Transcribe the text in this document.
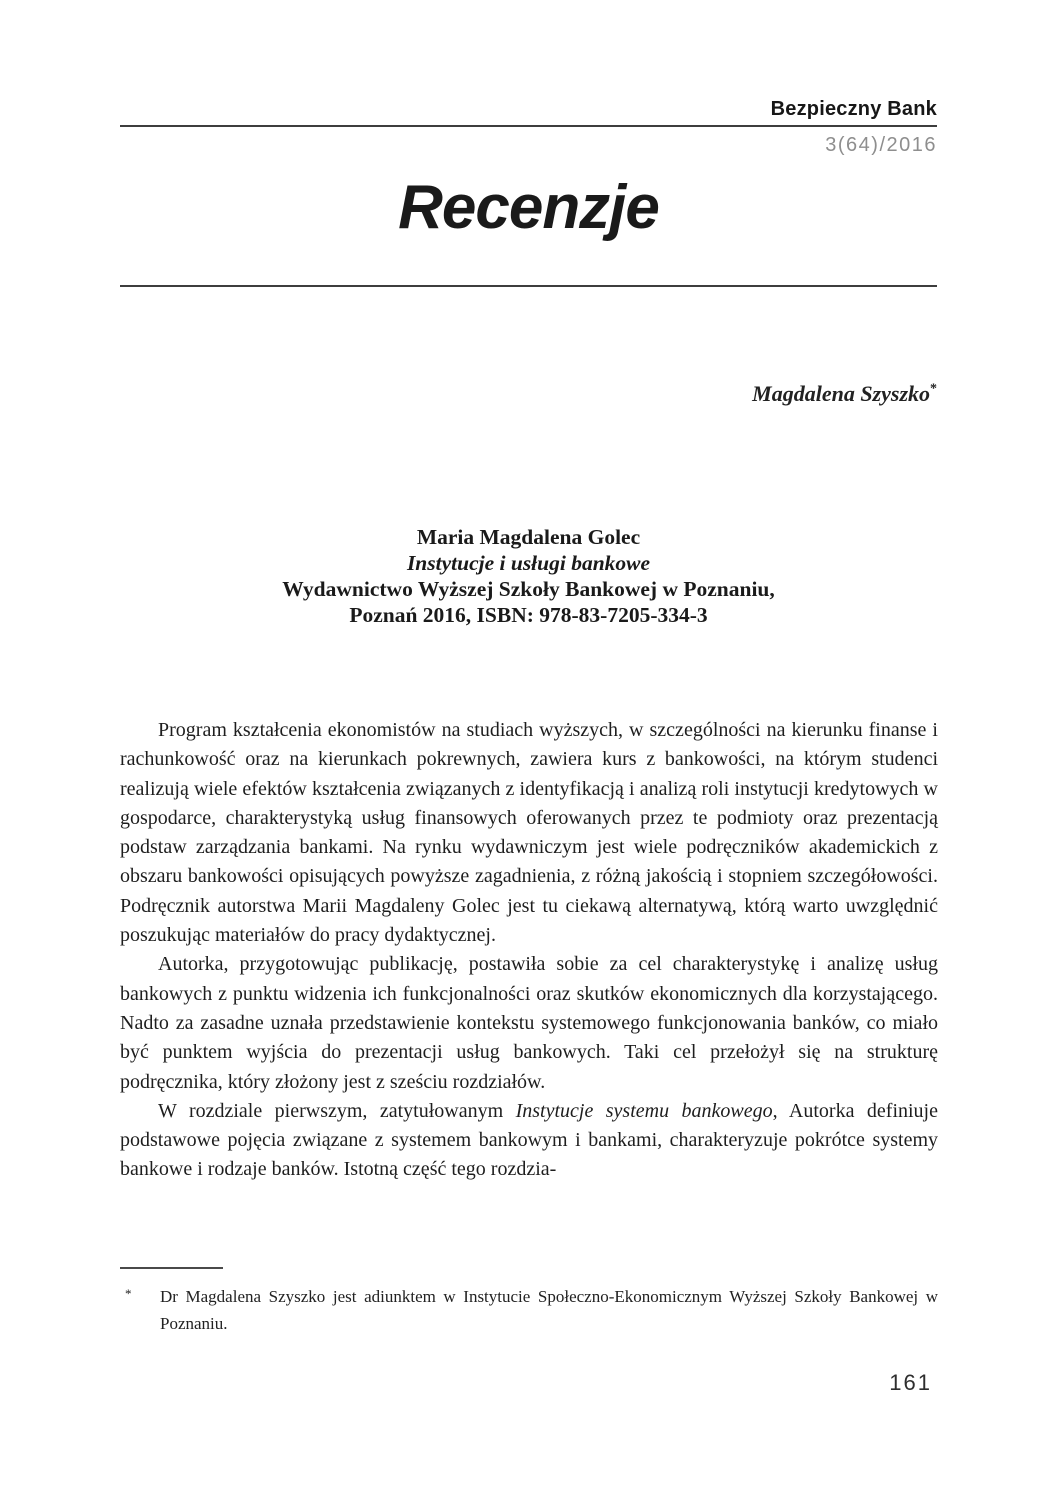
Bezpieczny Bank
3(64)/2016
Recenzje
Magdalena Szyszko*
Maria Magdalena Golec
Instytucje i usługi bankowe
Wydawnictwo Wyższej Szkoły Bankowej w Poznaniu,
Poznań 2016, ISBN: 978-83-7205-334-3

Program kształcenia ekonomistów na studiach wyższych, w szczególności na kierunku finanse i rachunkowość oraz na kierunkach pokrewnych, zawiera kurs z bankowości, na którym studenci realizują wiele efektów kształcenia związanych z identyfikacją i analizą roli instytucji kredytowych w gospodarce, charakterystyką usług finansowych oferowanych przez te podmioty oraz prezentacją podstaw zarządzania bankami. Na rynku wydawniczym jest wiele podręczników akademickich z obszaru bankowości opisujących powyższe zagadnienia, z różną jakością i stopniem szczegółowości. Podręcznik autorstwa Marii Magdaleny Golec jest tu ciekawą alternatywą, którą warto uwzględnić poszukując materiałów do pracy dydaktycznej.

Autorka, przygotowując publikację, postawiła sobie za cel charakterystykę i analizę usług bankowych z punktu widzenia ich funkcjonalności oraz skutków ekonomicznych dla korzystającego. Nadto za zasadne uznała przedstawienie kontekstu systemowego funkcjonowania banków, co miało być punktem wyjścia do prezentacji usług bankowych. Taki cel przełożył się na strukturę podręcznika, który złożony jest z sześciu rozdziałów.

W rozdziale pierwszym, zatytułowanym Instytucje systemu bankowego, Autorka definiuje podstawowe pojęcia związane z systemem bankowym i bankami, charakteryzuje pokrótce systemy bankowe i rodzaje banków. Istotną część tego rozdzia-

* Dr Magdalena Szyszko jest adiunktem w Instytucie Społeczno-Ekonomicznym Wyższej Szkoły Bankowej w Poznaniu.
161
